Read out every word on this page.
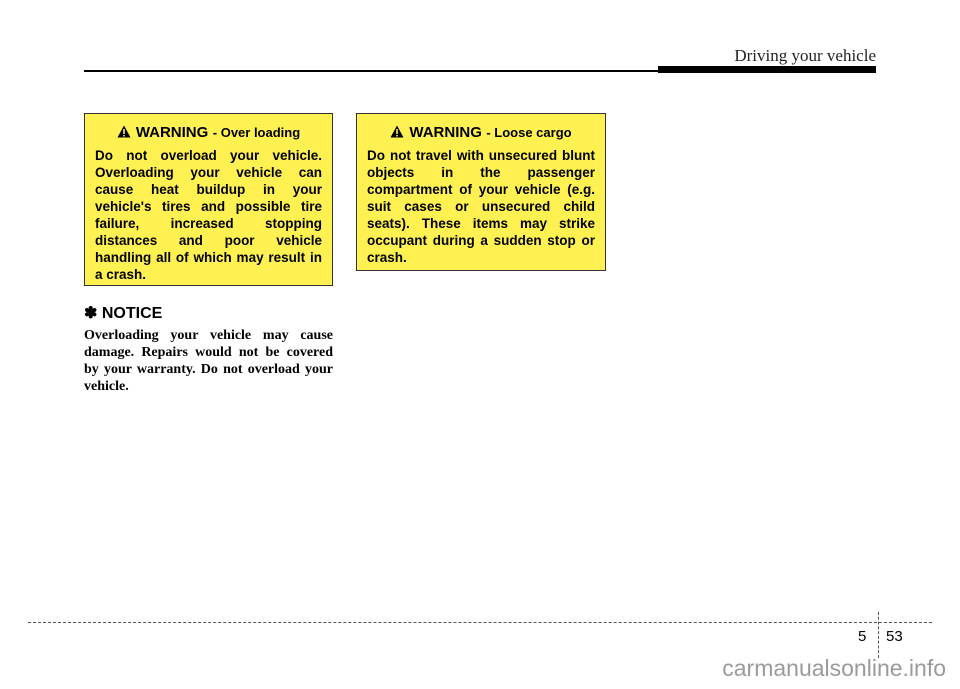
Driving your vehicle
WARNING - Over loading
Do not overload your vehicle. Overloading your vehicle can cause heat buildup in your vehicle's tires and possible tire failure, increased stopping distances and poor vehicle handling all of which may result in a crash.
WARNING - Loose cargo
Do not travel with unsecured blunt objects in the passenger compartment of your vehicle (e.g. suit cases or unsecured child seats). These items may strike occupant during a sudden stop or crash.
✽ NOTICE
Overloading your vehicle may cause damage. Repairs would not be covered by your warranty. Do not overload your vehicle.
5 53
carmanualsonline.info
